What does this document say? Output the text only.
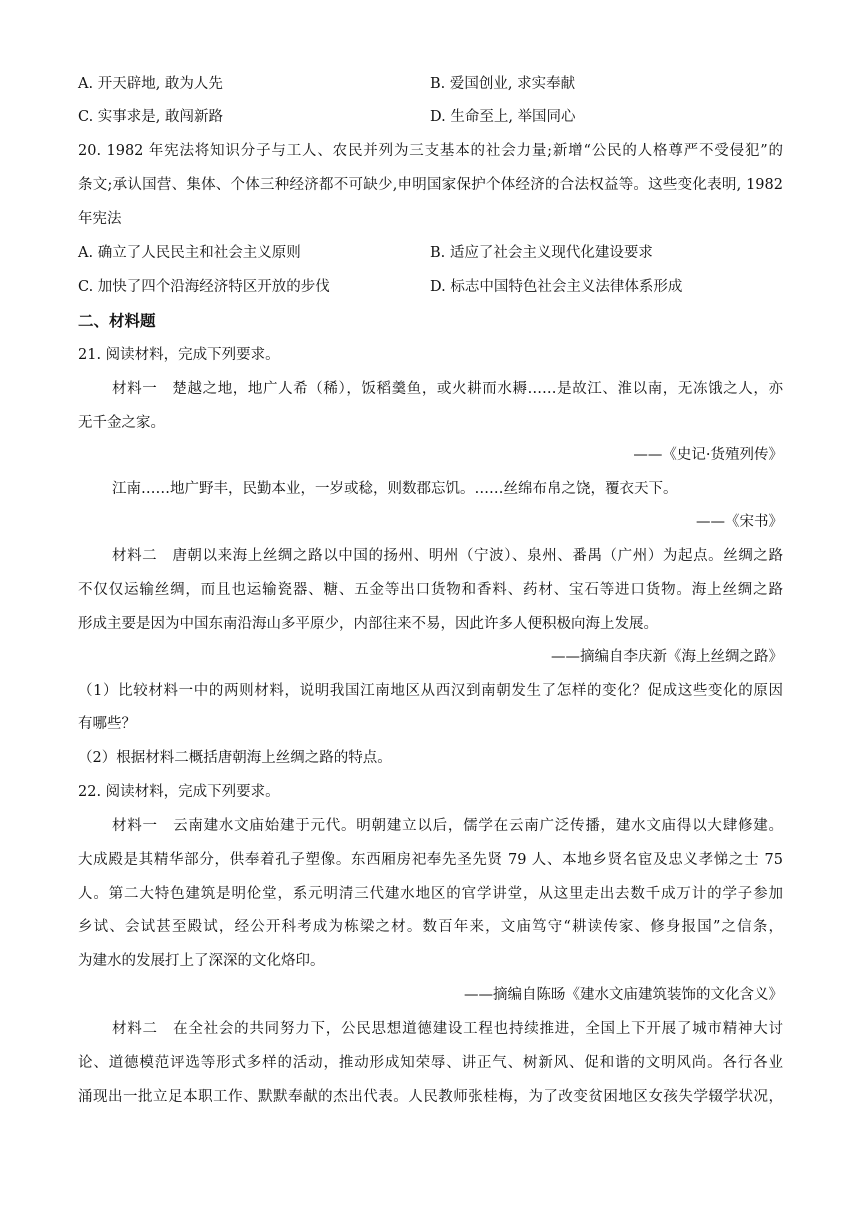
A. 开天辟地, 敢为人先	B. 爱国创业, 求实奉献
C. 实事求是, 敢闯新路	D. 生命至上, 举国同心
20. 1982 年宪法将知识分子与工人、农民并列为三支基本的社会力量;新增“公民的人格尊严不受侵犯”的
条文;承认国营、集体、个体三种经济都不可缺少,申明国家保护个体经济的合法权益等。这些变化表明, 1982
年宪法
A. 确立了人民民主和社会主义原则	B. 适应了社会主义现代化建设要求
C. 加快了四个沿海经济特区开放的步伐	D. 标志中国特色社会主义法律体系形成
二、材料题
21. 阅读材料，完成下列要求。
材料一　楚越之地，地广人希（稀），饭稻羹鱼，或火耕而水耨……是故江、淮以南，无冻饿之人，亦
无千金之家。
——《史记·货殖列传》
江南……地广野丰，民勤本业，一岁或稔，则数郡忘饥。……丝绵布帛之饶，覆衣天下。
——《宋书》
材料二　唐朝以来海上丝绸之路以中国的扬州、明州（宁波）、泉州、番禺（广州）为起点。丝绸之路
不仅仅运输丝绸，而且也运输瓷器、糖、五金等出口货物和香料、药材、宝石等进口货物。海上丝绸之路
形成主要是因为中国东南沿海山多平原少，内部往来不易，因此许多人便积极向海上发展。
——摘编自李庆新《海上丝绸之路》
（1）比较材料一中的两则材料，说明我国江南地区从西汉到南朝发生了怎样的变化？促成这些变化的原因
有哪些？
（2）根据材料二概括唐朝海上丝绸之路的特点。
22. 阅读材料，完成下列要求。
材料一　云南建水文庙始建于元代。明朝建立以后，儒学在云南广泛传播，建水文庙得以大肆修建。
大成殿是其精华部分，供奉着孔子塑像。东西厢房祀奉先圣先贤 79 人、本地乡贤名宦及忠义孝悌之士 75
人。第二大特色建筑是明伦堂，系元明清三代建水地区的官学讲堂，从这里走出去数千成万计的学子参加
乡试、会试甚至殿试，经公开科考成为栋梁之材。数百年来，文庙笃守“耕读传家、修身报国”之信条，
为建水的发展打上了深深的文化烙印。
——摘编自陈旸《建水文庙建筑装饰的文化含义》
材料二　在全社会的共同努力下，公民思想道德建设工程也持续推进，全国上下开展了城市精神大讨
论、道德模范评选等形式多样的活动，推动形成知荣辱、讲正气、树新风、促和谐的文明风尚。各行各业
涌现出一批立足本职工作、默默奉献的杰出代表。人民教师张桂梅，为了改变贫困地区女孩失学辍学状况，
